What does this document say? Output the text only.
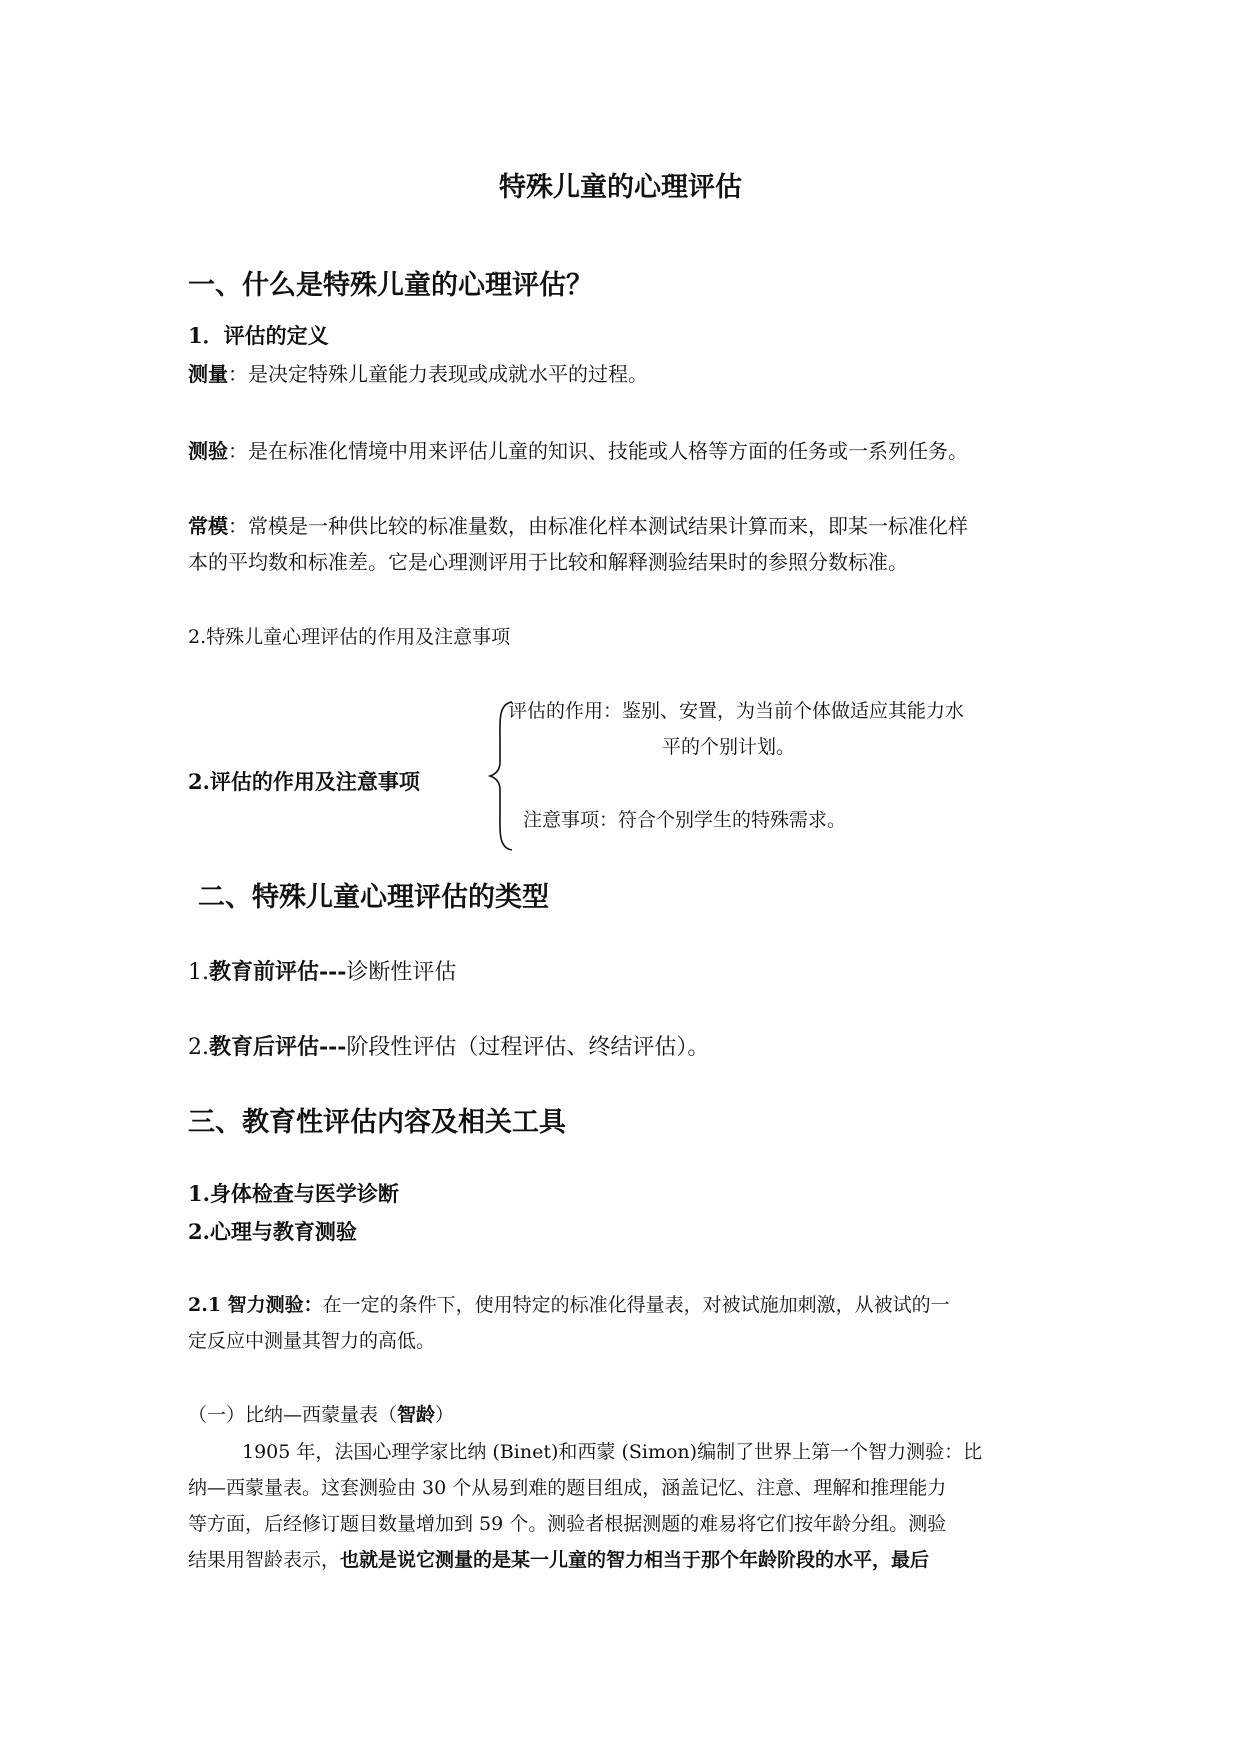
特殊儿童的心理评估
一、什么是特殊儿童的心理评估？
1．评估的定义
测量：是决定特殊儿童能力表现或成就水平的过程。
测验：是在标准化情境中用来评估儿童的知识、技能或人格等方面的任务或一系列任务。
常模：常模是一种供比较的标准量数，由标准化样本测试结果计算而来，即某一标准化样
本的平均数和标准差。它是心理测评用于比较和解释测验结果时的参照分数标准。
2.特殊儿童心理评估的作用及注意事项
评估的作用：鉴别、安置，为当前个体做适应其能力水
平的个别计划。
2.评估的作用及注意事项
注意事项：符合个别学生的特殊需求。
二、特殊儿童心理评估的类型
1.教育前评估---诊断性评估
2.教育后评估---阶段性评估（过程评估、终结评估）。
三、教育性评估内容及相关工具
1.身体检查与医学诊断
2.心理与教育测验
2.1 智力测验：在一定的条件下，使用特定的标准化得量表，对被试施加刺激，从被试的一
定反应中测量其智力的高低。
（一）比纳—西蒙量表（智龄）
1905 年，法国心理学家比纳 (Binet)和西蒙 (Simon)编制了世界上第一个智力测验：比
纳—西蒙量表。这套测验由 30 个从易到难的题目组成，涵盖记忆、注意、理解和推理能力
等方面，后经修订题目数量增加到 59 个。测验者根据测题的难易将它们按年龄分组。测验
结果用智龄表示，也就是说它测量的是某一儿童的智力相当于那个年龄阶段的水平，最后
